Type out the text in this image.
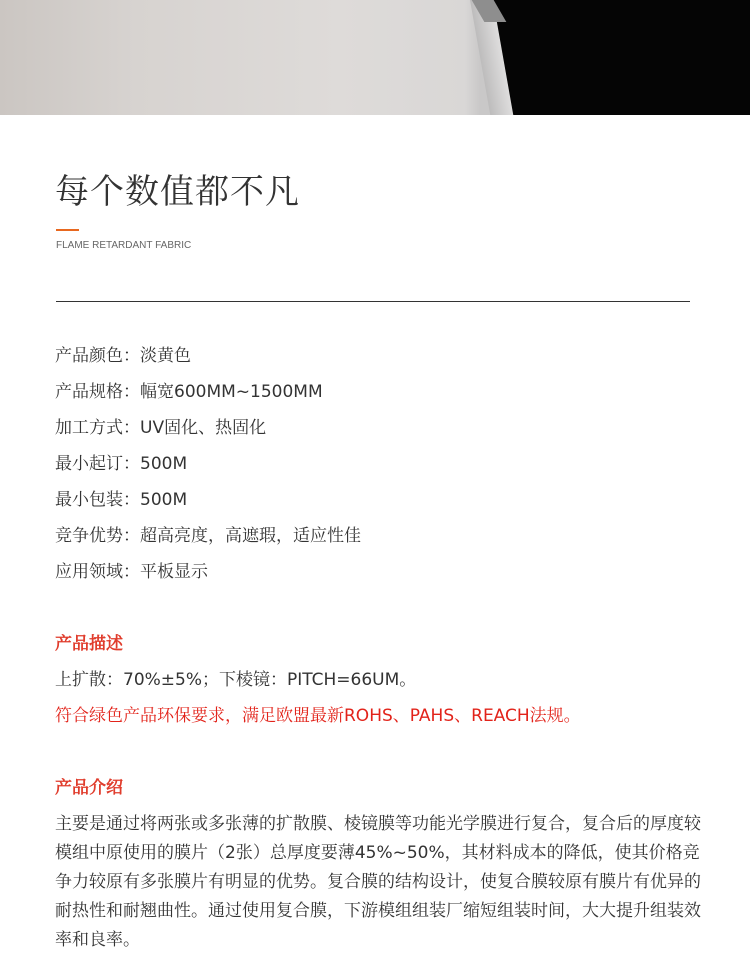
每个数值都不凡
FLAME RETARDANT FABRIC
产品颜色：淡黄色
产品规格：幅宽600MM~1500MM
加工方式：UV固化、热固化
最小起订：500M
最小包装：500M
竞争优势：超高亮度，高遮瑕，适应性佳
应用领域：平板显示
产品描述
上扩散：70%±5%；下棱镜：PITCH=66UM。
符合绿色产品环保要求，满足欧盟最新ROHS、PAHS、REACH法规。
产品介绍

主要是通过将两张或多张薄的扩散膜、棱镜膜等功能光学膜进行复合，复合后的厚度较模组中原使用的膜片（2张）总厚度要薄45%~50%，其材料成本的降低，使其价格竞争力较原有多张膜片有明显的优势。复合膜的结构设计，使复合膜较原有膜片有优异的耐热性和耐翘曲性。通过使用复合膜，下游模组组装厂缩短组装时间，大大提升组装效率和良率。
